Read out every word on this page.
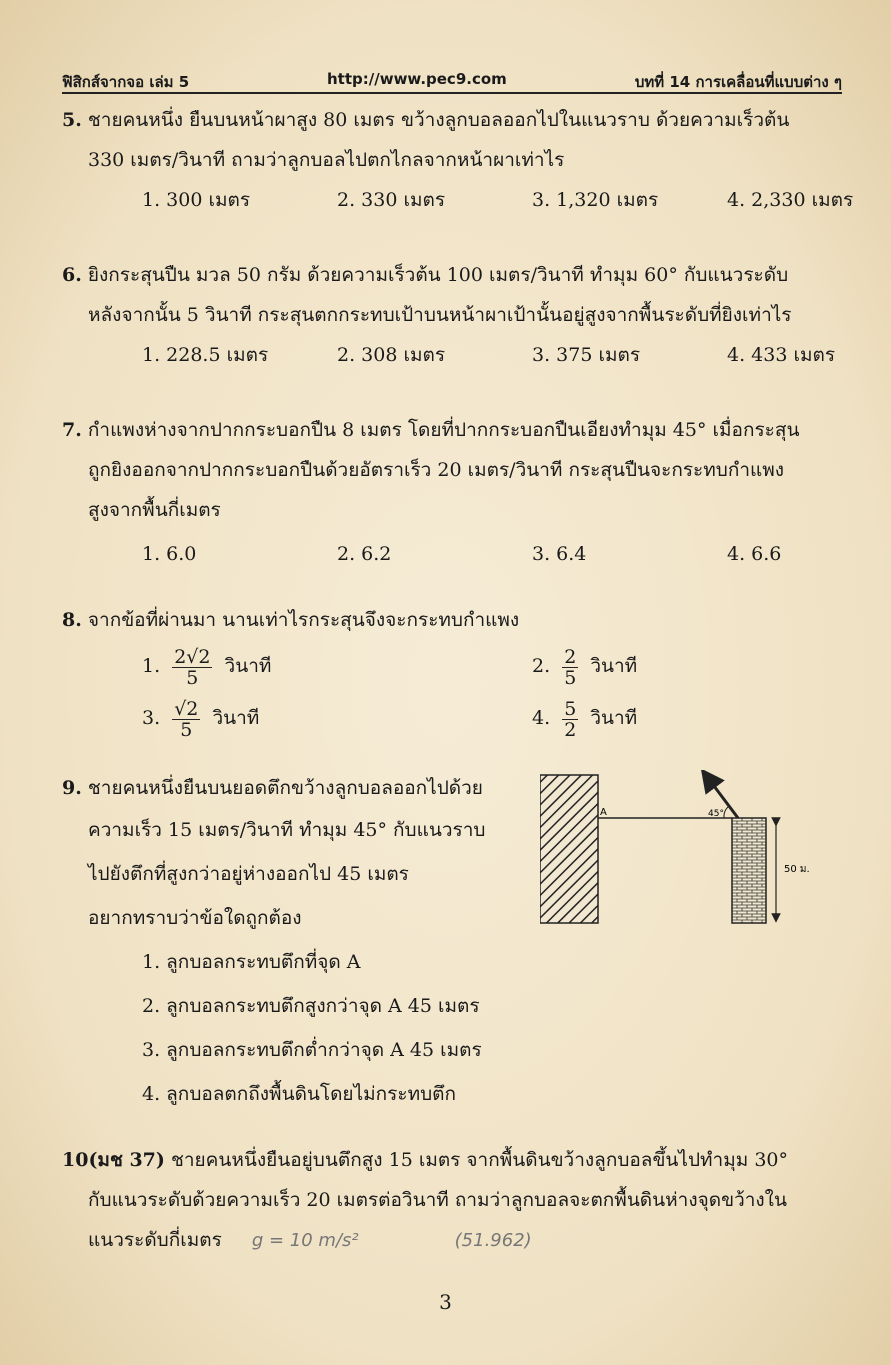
ฟิสิกส์จากจอ เล่ม 5	http://www.pec9.com	บทที่ 14 การเคลื่อนที่แบบต่าง ๆ
5. ชายคนหนึ่ง ยืนบนหน้าผาสูง 80 เมตร ขว้างลูกบอลออกไปในแนวราบ ด้วยความเร็วต้น
330 เมตร/วินาที ถามว่าลูกบอลไปตกไกลจากหน้าผาเท่าไร
1. 300 เมตร	2. 330 เมตร	3. 1,320 เมตร	4. 2,330 เมตร
6. ยิงกระสุนปืน มวล 50 กรัม ด้วยความเร็วต้น 100 เมตร/วินาที ทำมุม 60° กับแนวระดับ
หลังจากนั้น 5 วินาที กระสุนตกกระทบเป้าบนหน้าผาเป้านั้นอยู่สูงจากพื้นระดับที่ยิงเท่าไร
1. 228.5 เมตร	2. 308 เมตร	3. 375 เมตร	4. 433 เมตร
7. กำแพงห่างจากปากกระบอกปืน 8 เมตร โดยที่ปากกระบอกปืนเอียงทำมุม 45° เมื่อกระสุน
ถูกยิงออกจากปากกระบอกปืนด้วยอัตราเร็ว 20 เมตร/วินาที กระสุนปืนจะกระทบกำแพง
สูงจากพื้นกี่เมตร
1. 6.0	2. 6.2	3. 6.4	4. 6.6
8. จากข้อที่ผ่านมา นานเท่าไรกระสุนจึงจะกระทบกำแพง
1. $\frac{2√2}{5}$ วินาที	2. $\frac{2}{5}$ วินาที
3. $\frac{√2}{5}$ วินาที	4. $\frac{5}{2}$ วินาที
9. ชายคนหนึ่งยืนบนยอดตึกขว้างลูกบอลออกไปด้วย
ความเร็ว 15 เมตร/วินาที ทำมุม 45° กับแนวราบ
ไปยังตึกที่สูงกว่าอยู่ห่างออกไป 45 เมตร
อยากทราบว่าข้อใดถูกต้อง
1. ลูกบอลกระทบตึกที่จุด A
2. ลูกบอลกระทบตึกสูงกว่าจุด A 45 เมตร
3. ลูกบอลกระทบตึกต่ำกว่าจุด A 45 เมตร
4. ลูกบอลตกถึงพื้นดินโดยไม่กระทบตึก
A	45°
50 ม.
10(มช 37) ชายคนหนึ่งยืนอยู่บนตึกสูง 15 เมตร จากพื้นดินขว้างลูกบอลขึ้นไปทำมุม 30°
กับแนวระดับด้วยความเร็ว 20 เมตรต่อวินาที ถามว่าลูกบอลจะตกพื้นดินห่างจุดขว้างใน
แนวระดับกี่เมตร g = 10 m/s²	(51.962)
3
